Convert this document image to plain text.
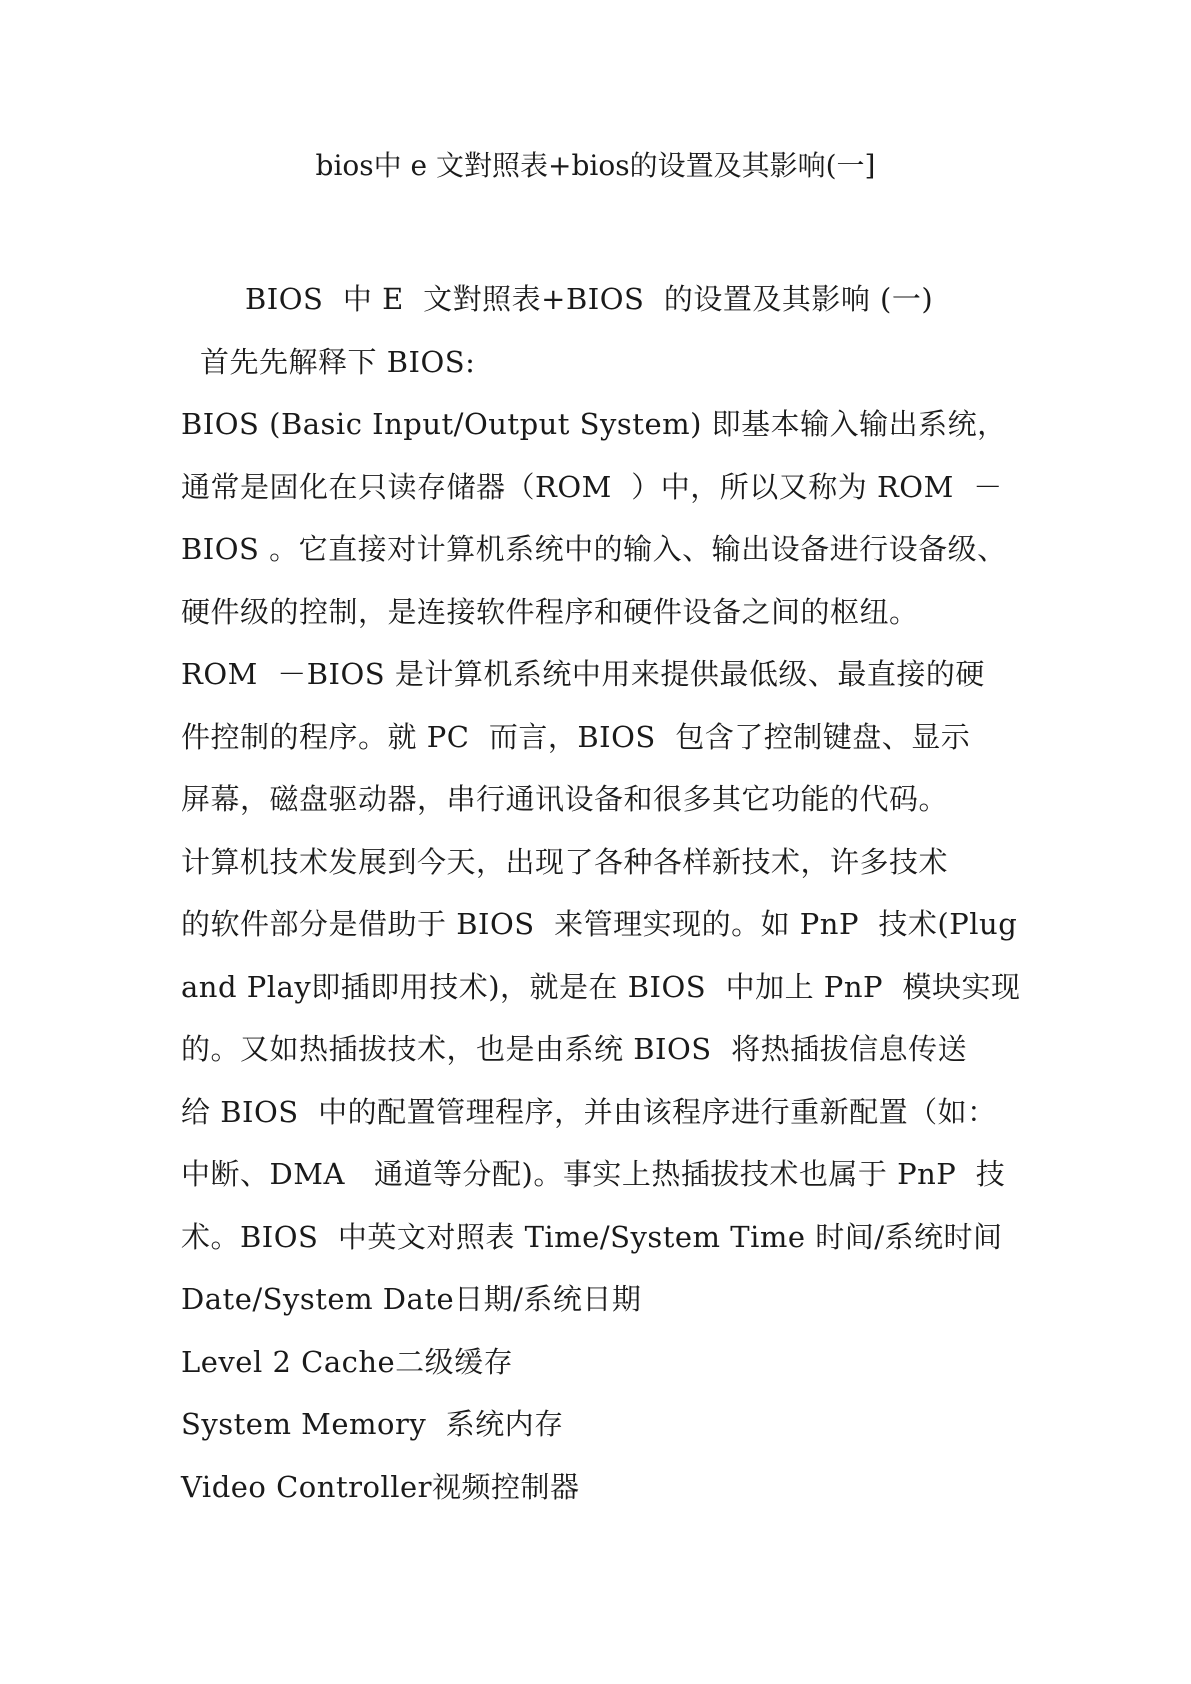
bios中 e 文對照表+bios的设置及其影响(一]
BIOS  中 E  文對照表+BIOS  的设置及其影响 (一)
首先先解释下 BIOS:
BIOS (Basic Input/Output System) 即基本输入输出系统，
通常是固化在只读存储器（ROM  ）中，所以又称为 ROM  －
BIOS 。它直接对计算机系统中的输入、输出设备进行设备级、
硬件级的控制，是连接软件程序和硬件设备之间的枢纽。
ROM  －BIOS 是计算机系统中用来提供最低级、最直接的硬
件控制的程序。就 PC  而言，BIOS  包含了控制键盘、显示
屏幕，磁盘驱动器，串行通讯设备和很多其它功能的代码。
计算机技术发展到今天，出现了各种各样新技术，许多技术
的软件部分是借助于 BIOS  来管理实现的。如 PnP  技术(Plug
and Play即插即用技术)，就是在 BIOS  中加上 PnP  模块实现
的。又如热插拔技术，也是由系统 BIOS  将热插拔信息传送
给 BIOS  中的配置管理程序，并由该程序进行重新配置（如：
中断、DMA   通道等分配)。事实上热插拔技术也属于 PnP  技
术。BIOS  中英文对照表 Time/System Time 时间/系统时间
Date/System Date日期/系统日期
Level 2 Cache二级缓存
System Memory  系统内存
Video Controller视频控制器
